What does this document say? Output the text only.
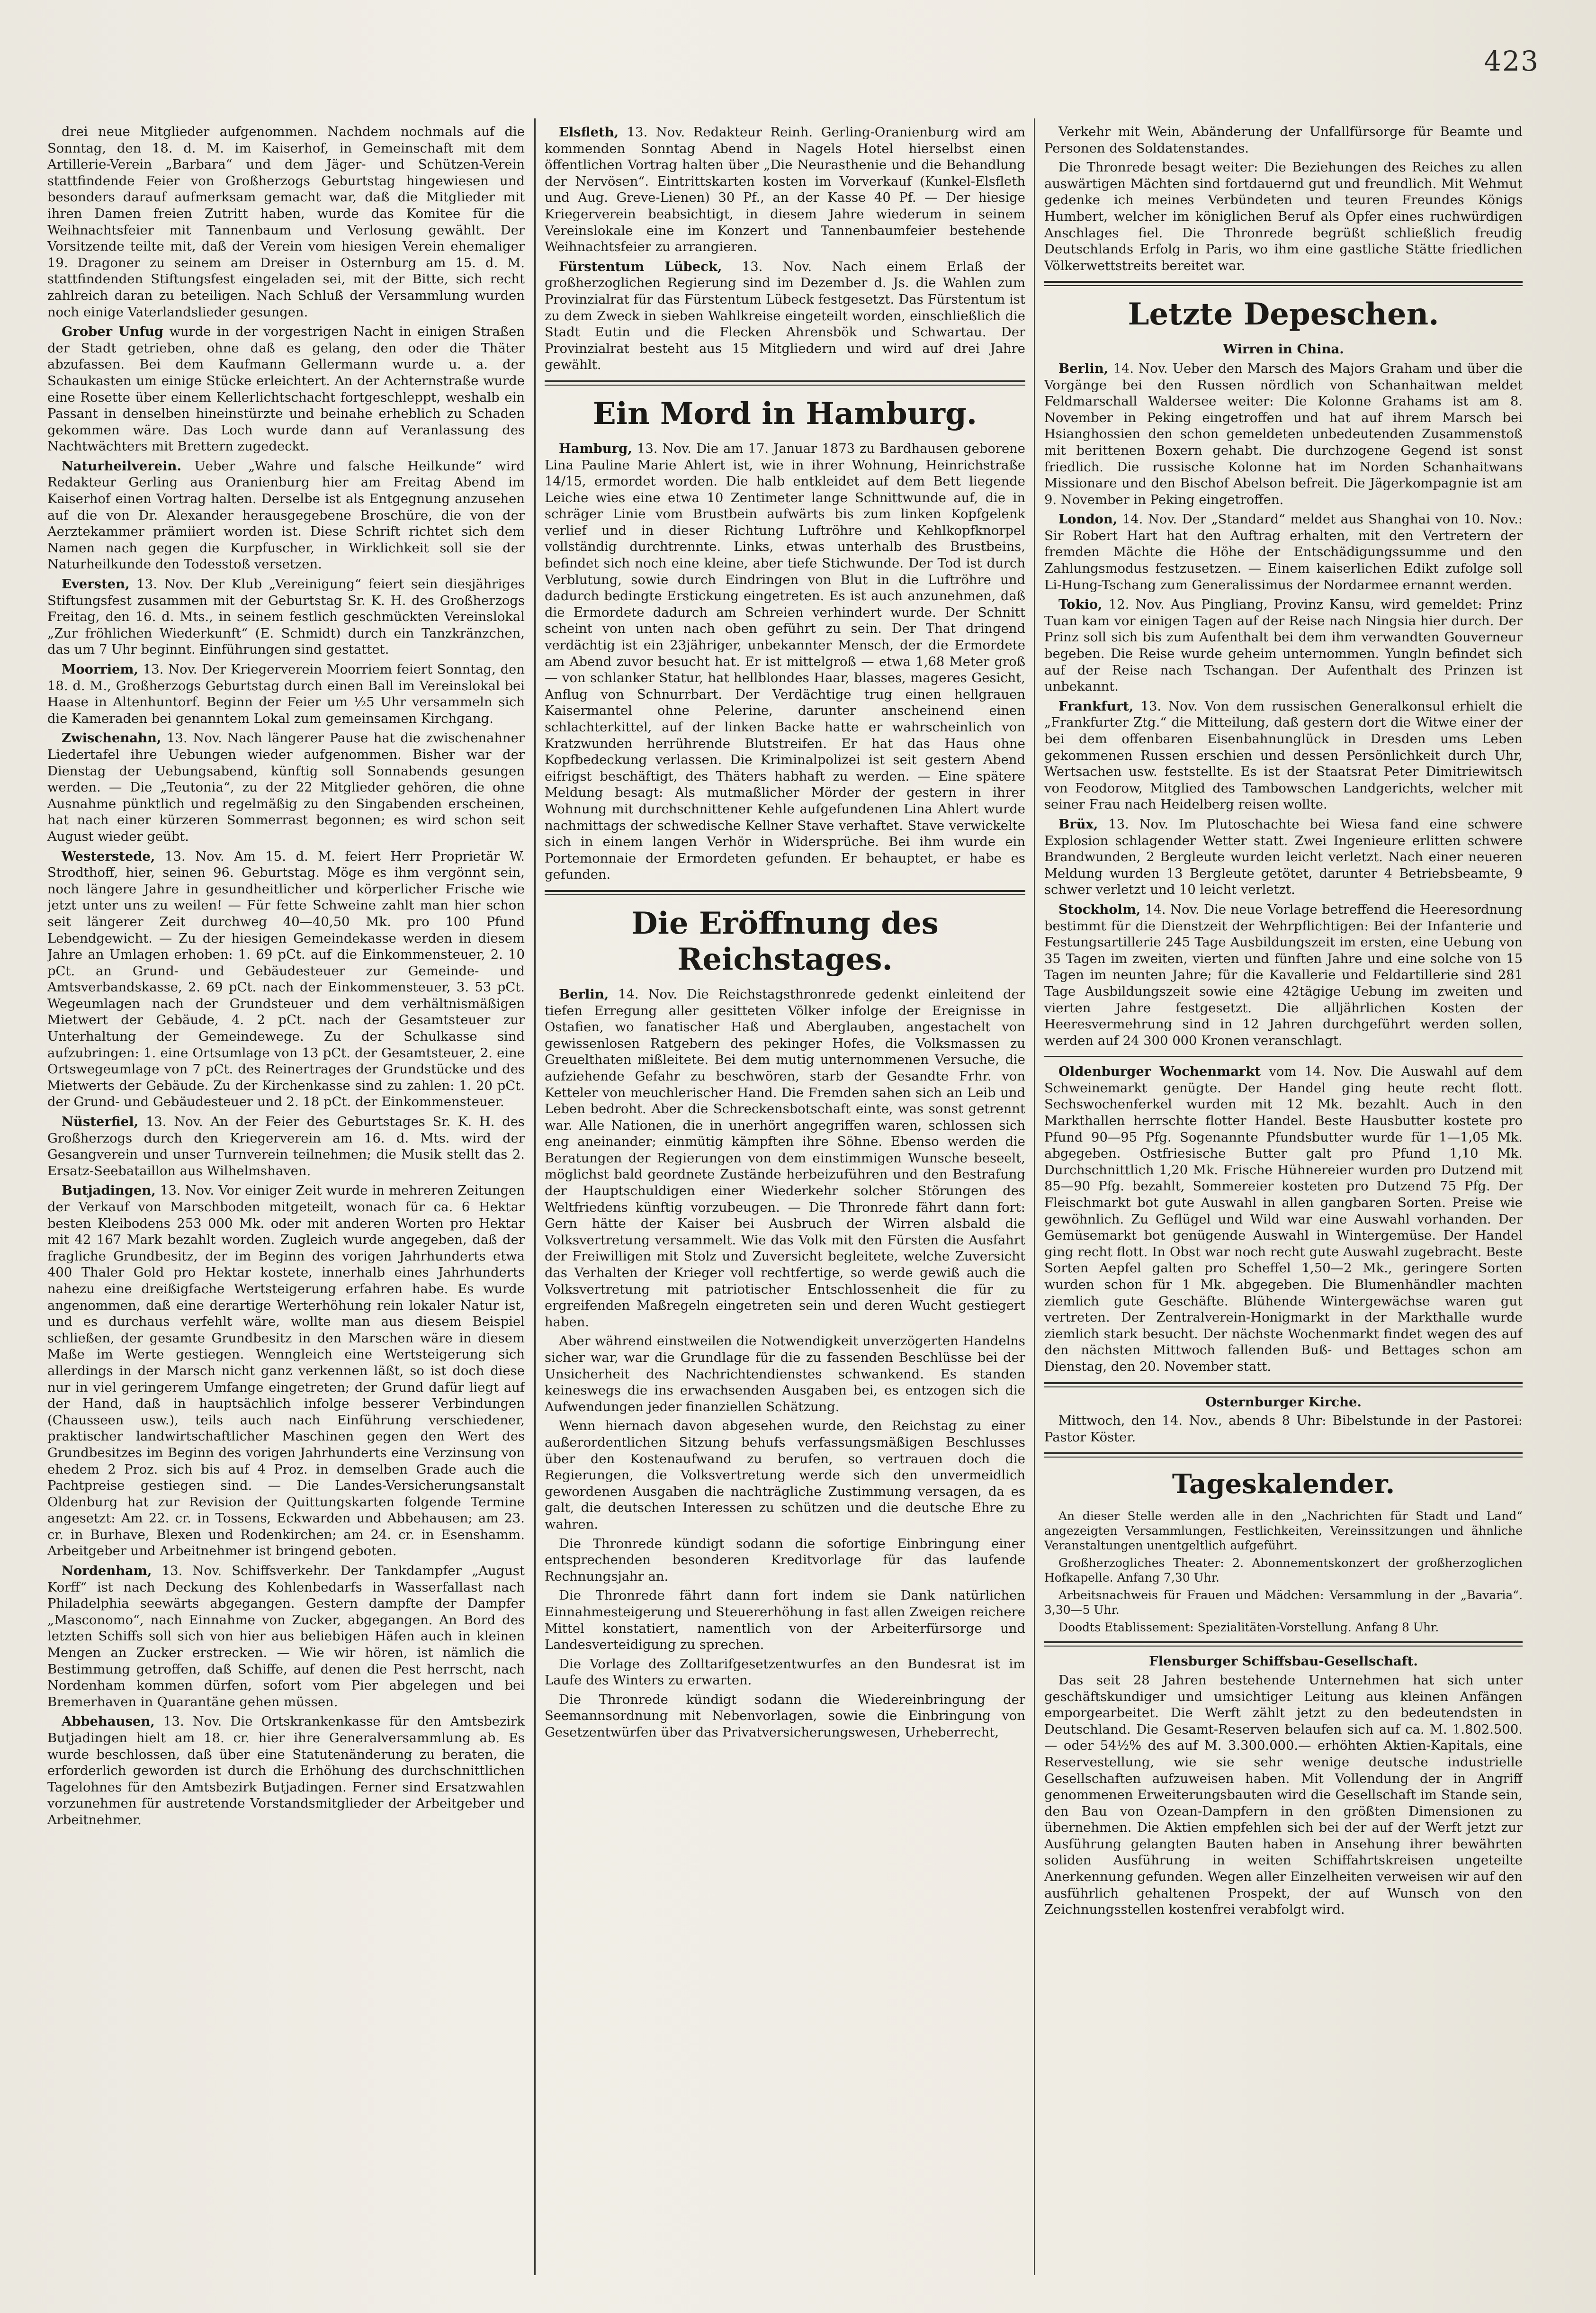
423

drei neue Mitglieder aufgenommen. Nachdem nochmals auf die Sonntag, den 18. d. M. im Kaiserhof, in Gemeinschaft mit dem Artillerie-Verein „Barbara“ und dem Jäger- und Schützen-Verein stattfindende Feier von Großherzogs Geburtstag hingewiesen und besonders darauf aufmerksam gemacht war, daß die Mitglieder mit ihren Damen freien Zutritt haben, wurde das Komitee für die Weihnachtsfeier mit Tannenbaum und Verlosung gewählt. Der Vorsitzende teilte mit, daß der Verein vom hiesigen Verein ehemaliger 19. Dragoner zu seinem am Dreiser in Osternburg am 15. d. M. stattfindenden Stiftungsfest eingeladen sei, mit der Bitte, sich recht zahlreich daran zu beteiligen. Nach Schluß der Versammlung wurden noch einige Vaterlandslieder gesungen.

Grober Unfug wurde in der vorgestrigen Nacht in einigen Straßen der Stadt getrieben, ohne daß es gelang, den oder die Thäter abzufassen. Bei dem Kaufmann Gellermann wurde u. a. der Schaukasten um einige Stücke erleichtert. An der Achternstraße wurde eine Rosette über einem Kellerlichtschacht fortgeschleppt, weshalb ein Passant in denselben hineinstürzte und beinahe erheblich zu Schaden gekommen wäre. Das Loch wurde dann auf Veranlassung des Nachtwächters mit Brettern zugedeckt.

Naturheilverein. Ueber „Wahre und falsche Heilkunde“ wird Redakteur Gerling aus Oranienburg hier am Freitag Abend im Kaiserhof einen Vortrag halten. Derselbe ist als Entgegnung anzusehen auf die von Dr. Alexander herausgegebene Broschüre, die von der Aerztekammer prämiiert worden ist. Diese Schrift richtet sich dem Namen nach gegen die Kurpfuscher, in Wirklichkeit soll sie der Naturheilkunde den Todesstoß versetzen.

Eversten, 13. Nov. Der Klub „Vereinigung“ feiert sein diesjähriges Stiftungsfest zusammen mit der Geburtstag Sr. K. H. des Großherzogs Freitag, den 16. d. Mts., in seinem festlich geschmückten Vereinslokal „Zur fröhlichen Wiederkunft“ (E. Schmidt) durch ein Tanzkränzchen, das um 7 Uhr beginnt. Einführungen sind gestattet.

Moorriem, 13. Nov. Der Kriegerverein Moorriem feiert Sonntag, den 18. d. M., Großherzogs Geburtstag durch einen Ball im Vereinslokal bei Haase in Altenhuntorf. Beginn der Feier um ½5 Uhr versammeln sich die Kameraden bei genanntem Lokal zum gemeinsamen Kirchgang.

Zwischenahn, 13. Nov. Nach längerer Pause hat die zwischenahner Liedertafel ihre Uebungen wieder aufgenommen. Bisher war der Dienstag der Uebungsabend, künftig soll Sonnabends gesungen werden. — Die „Teutonia“, zu der 22 Mitglieder gehören, die ohne Ausnahme pünktlich und regelmäßig zu den Singabenden erscheinen, hat nach einer kürzeren Sommerrast begonnen; es wird schon seit August wieder geübt.

Westerstede, 13. Nov. Am 15. d. M. feiert Herr Proprietär W. Strodthoff, hier, seinen 96. Geburtstag. Möge es ihm vergönnt sein, noch längere Jahre in gesundheitlicher und körperlicher Frische wie jetzt unter uns zu weilen! — Für fette Schweine zahlt man hier schon seit längerer Zeit durchweg 40—40,50 Mk. pro 100 Pfund Lebendgewicht. — Zu der hiesigen Gemeindekasse werden in diesem Jahre an Umlagen erhoben: 1. 69 pCt. auf die Einkommensteuer, 2. 10 pCt. an Grund- und Gebäudesteuer zur Gemeinde- und Amtsverbandskasse, 2. 69 pCt. nach der Einkommensteuer, 3. 53 pCt. Wegeumlagen nach der Grundsteuer und dem verhältnismäßigen Mietwert der Gebäude, 4. 2 pCt. nach der Gesamtsteuer zur Unterhaltung der Gemeindewege. Zu der Schulkasse sind aufzubringen: 1. eine Ortsumlage von 13 pCt. der Gesamtsteuer, 2. eine Ortswegeumlage von 7 pCt. des Reinertrages der Grundstücke und des Mietwerts der Gebäude. Zu der Kirchenkasse sind zu zahlen: 1. 20 pCt. der Grund- und Gebäudesteuer und 2. 18 pCt. der Einkommensteuer.

Nüsterfiel, 13. Nov. An der Feier des Geburtstages Sr. K. H. des Großherzogs durch den Kriegerverein am 16. d. Mts. wird der Gesangverein und unser Turnverein teilnehmen; die Musik stellt das 2. Ersatz-Seebataillon aus Wilhelmshaven.

Butjadingen, 13. Nov. Vor einiger Zeit wurde in mehreren Zeitungen der Verkauf von Marschboden mitgeteilt, wonach für ca. 6 Hektar besten Kleibodens 253 000 Mk. oder mit anderen Worten pro Hektar mit 42 167 Mark bezahlt worden. Zugleich wurde angegeben, daß der fragliche Grundbesitz, der im Beginn des vorigen Jahrhunderts etwa 400 Thaler Gold pro Hektar kostete, innerhalb eines Jahrhunderts nahezu eine dreißigfache Wertsteigerung erfahren habe. Es wurde angenommen, daß eine derartige Werterhöhung rein lokaler Natur ist, und es durchaus verfehlt wäre, wollte man aus diesem Beispiel schließen, der gesamte Grundbesitz in den Marschen wäre in diesem Maße im Werte gestiegen. Wenngleich eine Wertsteigerung sich allerdings in der Marsch nicht ganz verkennen läßt, so ist doch diese nur in viel geringerem Umfange eingetreten; der Grund dafür liegt auf der Hand, daß in hauptsächlich infolge besserer Verbindungen (Chausseen usw.), teils auch nach Einführung verschiedener, praktischer landwirtschaftlicher Maschinen gegen den Wert des Grundbesitzes im Beginn des vorigen Jahrhunderts eine Verzinsung von ehedem 2 Proz. sich bis auf 4 Proz. in demselben Grade auch die Pachtpreise gestiegen sind. — Die Landes-Versicherungsanstalt Oldenburg hat zur Revision der Quittungskarten folgende Termine angesetzt: Am 22. cr. in Tossens, Eckwarden und Abbehausen; am 23. cr. in Burhave, Blexen und Rodenkirchen; am 24. cr. in Esenshamm. Arbeitgeber und Arbeitnehmer ist bringend geboten.

Nordenham, 13. Nov. Schiffsverkehr. Der Tankdampfer „August Korff“ ist nach Deckung des Kohlenbedarfs in Wasserfallast nach Philadelphia seewärts abgegangen. Gestern dampfte der Dampfer „Masconomo“, nach Einnahme von Zucker, abgegangen. An Bord des letzten Schiffs soll sich von hier aus beliebigen Häfen auch in kleinen Mengen an Zucker erstrecken. — Wie wir hören, ist nämlich die Bestimmung getroffen, daß Schiffe, auf denen die Pest herrscht, nach Nordenham kommen dürfen, sofort vom Pier abgelegen und bei Bremerhaven in Quarantäne gehen müssen.

Abbehausen, 13. Nov. Die Ortskrankenkasse für den Amtsbezirk Butjadingen hielt am 18. cr. hier ihre Generalversammlung ab. Es wurde beschlossen, daß über eine Statutenänderung zu beraten, die erforderlich geworden ist durch die Erhöhung des durchschnittlichen Tagelohnes für den Amtsbezirk Butjadingen. Ferner sind Ersatzwahlen vorzunehmen für austretende Vorstandsmitglieder der Arbeitgeber und Arbeitnehmer.

Elsfleth, 13. Nov. Redakteur Reinh. Gerling-Oranienburg wird am kommenden Sonntag Abend in Nagels Hotel hierselbst einen öffentlichen Vortrag halten über „Die Neurasthenie und die Behandlung der Nervösen“. Eintrittskarten kosten im Vorverkauf (Kunkel-Elsfleth und Aug. Greve-Lienen) 30 Pf., an der Kasse 40 Pf. — Der hiesige Kriegerverein beabsichtigt, in diesem Jahre wiederum in seinem Vereinslokale eine im Konzert und Tannenbaumfeier bestehende Weihnachtsfeier zu arrangieren.

Fürstentum Lübeck, 13. Nov. Nach einem Erlaß der großherzoglichen Regierung sind im Dezember d. Js. die Wahlen zum Provinzialrat für das Fürstentum Lübeck festgesetzt. Das Fürstentum ist zu dem Zweck in sieben Wahlkreise eingeteilt worden, einschließlich die Stadt Eutin und die Flecken Ahrensbök und Schwartau. Der Provinzialrat besteht aus 15 Mitgliedern und wird auf drei Jahre gewählt.

Ein Mord in Hamburg.

Hamburg, 13. Nov. Die am 17. Januar 1873 zu Bardhausen geborene Lina Pauline Marie Ahlert ist, wie in ihrer Wohnung, Heinrichstraße 14/15, ermordet worden. Die halb entkleidet auf dem Bett liegende Leiche wies eine etwa 10 Zentimeter lange Schnittwunde auf, die in schräger Linie vom Brustbein aufwärts bis zum linken Kopfgelenk verlief und in dieser Richtung Luftröhre und Kehlkopfknorpel vollständig durchtrennte. Links, etwas unterhalb des Brustbeins, befindet sich noch eine kleine, aber tiefe Stichwunde. Der Tod ist durch Verblutung, sowie durch Eindringen von Blut in die Luftröhre und dadurch bedingte Erstickung eingetreten. Es ist auch anzunehmen, daß die Ermordete dadurch am Schreien verhindert wurde. Der Schnitt scheint von unten nach oben geführt zu sein. Der That dringend verdächtig ist ein 23jähriger, unbekannter Mensch, der die Ermordete am Abend zuvor besucht hat. Er ist mittelgroß — etwa 1,68 Meter groß — von schlanker Statur, hat hellblondes Haar, blasses, mageres Gesicht, Anflug von Schnurrbart. Der Verdächtige trug einen hellgrauen Kaisermantel ohne Pelerine, darunter anscheinend einen schlachterkittel, auf der linken Backe hatte er wahrscheinlich von Kratzwunden herrührende Blutstreifen. Er hat das Haus ohne Kopfbedeckung verlassen. Die Kriminalpolizei ist seit gestern Abend eifrigst beschäftigt, des Thäters habhaft zu werden. — Eine spätere Meldung besagt: Als mutmaßlicher Mörder der gestern in ihrer Wohnung mit durchschnittener Kehle aufgefundenen Lina Ahlert wurde nachmittags der schwedische Kellner Stave verhaftet. Stave verwickelte sich in einem langen Verhör in Widersprüche. Bei ihm wurde ein Portemonnaie der Ermordeten gefunden. Er behauptet, er habe es gefunden.

Die Eröffnung des Reichstages.

Berlin, 14. Nov. Die Reichstagsthronrede gedenkt einleitend der tiefen Erregung aller gesitteten Völker infolge der Ereignisse in Ostafien, wo fanatischer Haß und Aberglauben, angestachelt von gewissenlosen Ratgebern des pekinger Hofes, die Volksmassen zu Greuelthaten mißleitete. Bei dem mutig unternommenen Versuche, die aufziehende Gefahr zu beschwören, starb der Gesandte Frhr. von Ketteler von meuchlerischer Hand. Die Fremden sahen sich an Leib und Leben bedroht. Aber die Schreckensbotschaft einte, was sonst getrennt war. Alle Nationen, die in unerhört angegriffen waren, schlossen sich eng aneinander; einmütig kämpften ihre Söhne. Ebenso werden die Beratungen der Regierungen von dem einstimmigen Wunsche beseelt, möglichst bald geordnete Zustände herbeizuführen und den Bestrafung der Hauptschuldigen einer Wiederkehr solcher Störungen des Weltfriedens künftig vorzubeugen. — Die Thronrede fährt dann fort: Gern hätte der Kaiser bei Ausbruch der Wirren alsbald die Volksvertretung versammelt. Wie das Volk mit den Fürsten die Ausfahrt der Freiwilligen mit Stolz und Zuversicht begleitete, welche Zuversicht das Verhalten der Krieger voll rechtfertige, so werde gewiß auch die Volksvertretung mit patriotischer Entschlossenheit die für zu ergreifenden Maßregeln eingetreten sein und deren Wucht gestiegert haben.

Aber während einstweilen die Notwendigkeit unverzögerten Handelns sicher war, war die Grundlage für die zu fassenden Beschlüsse bei der Unsicherheit des Nachrichtendienstes schwankend. Es standen keineswegs die ins erwachsenden Ausgaben bei, es entzogen sich die Aufwendungen jeder finanziellen Schätzung.

Wenn hiernach davon abgesehen wurde, den Reichstag zu einer außerordentlichen Sitzung behufs verfassungsmäßigen Beschlusses über den Kostenaufwand zu berufen, so vertrauen doch die Regierungen, die Volksvertretung werde sich den unvermeidlich gewordenen Ausgaben die nachträgliche Zustimmung versagen, da es galt, die deutschen Interessen zu schützen und die deutsche Ehre zu wahren.

Die Thronrede kündigt sodann die sofortige Einbringung einer entsprechenden besonderen Kreditvorlage für das laufende Rechnungsjahr an.

Die Thronrede fährt dann fort indem sie Dank natürlichen Einnahmesteigerung und Steuererhöhung in fast allen Zweigen reichere Mittel konstatiert, namentlich von der Arbeiterfürsorge und Landesverteidigung zu sprechen.

Die Vorlage des Zolltarifgesetzentwurfes an den Bundesrat ist im Laufe des Winters zu erwarten.

Die Thronrede kündigt sodann die Wiedereinbringung der Seemannsordnung mit Nebenvorlagen, sowie die Einbringung von Gesetzentwürfen über das Privatversicherungswesen, Urheberrecht,

Verkehr mit Wein, Abänderung der Unfallfürsorge für Beamte und Personen des Soldatenstandes.

Die Thronrede besagt weiter: Die Beziehungen des Reiches zu allen auswärtigen Mächten sind fortdauernd gut und freundlich. Mit Wehmut gedenke ich meines Verbündeten und teuren Freundes Königs Humbert, welcher im königlichen Beruf als Opfer eines ruchwürdigen Anschlages fiel. Die Thronrede begrüßt schließlich freudig Deutschlands Erfolg in Paris, wo ihm eine gastliche Stätte friedlichen Völkerwettstreits bereitet war.

Letzte Depeschen.
Wirren in China.

Berlin, 14. Nov. Ueber den Marsch des Majors Graham und über die Vorgänge bei den Russen nördlich von Schanhaitwan meldet Feldmarschall Waldersee weiter: Die Kolonne Grahams ist am 8. November in Peking eingetroffen und hat auf ihrem Marsch bei Hsianghossien den schon gemeldeten unbedeutenden Zusammenstoß mit berittenen Boxern gehabt. Die durchzogene Gegend ist sonst friedlich. Die russische Kolonne hat im Norden Schanhaitwans Missionare und den Bischof Abelson befreit. Die Jägerkompagnie ist am 9. November in Peking eingetroffen.

London, 14. Nov. Der „Standard“ meldet aus Shanghai von 10. Nov.: Sir Robert Hart hat den Auftrag erhalten, mit den Vertretern der fremden Mächte die Höhe der Entschädigungssumme und den Zahlungsmodus festzusetzen. — Einem kaiserlichen Edikt zufolge soll Li-Hung-Tschang zum Generalissimus der Nordarmee ernannt werden.

Tokio, 12. Nov. Aus Pingliang, Provinz Kansu, wird gemeldet: Prinz Tuan kam vor einigen Tagen auf der Reise nach Ningsia hier durch. Der Prinz soll sich bis zum Aufenthalt bei dem ihm verwandten Gouverneur begeben. Die Reise wurde geheim unternommen. Yungln befindet sich auf der Reise nach Tschangan. Der Aufenthalt des Prinzen ist unbekannt.

Frankfurt, 13. Nov. Von dem russischen Generalkonsul erhielt die „Frankfurter Ztg.“ die Mitteilung, daß gestern dort die Witwe einer der bei dem offenbaren Eisenbahnunglück in Dresden ums Leben gekommenen Russen erschien und dessen Persönlichkeit durch Uhr, Wertsachen usw. feststellte. Es ist der Staatsrat Peter Dimitriewitsch von Feodorow, Mitglied des Tambowschen Landgerichts, welcher mit seiner Frau nach Heidelberg reisen wollte.

Brüx, 13. Nov. Im Plutoschachte bei Wiesa fand eine schwere Explosion schlagender Wetter statt. Zwei Ingenieure erlitten schwere Brandwunden, 2 Bergleute wurden leicht verletzt. Nach einer neueren Meldung wurden 13 Bergleute getötet, darunter 4 Betriebsbeamte, 9 schwer verletzt und 10 leicht verletzt.

Stockholm, 14. Nov. Die neue Vorlage betreffend die Heeresordnung bestimmt für die Dienstzeit der Wehrpflichtigen: Bei der Infanterie und Festungsartillerie 245 Tage Ausbildungszeit im ersten, eine Uebung von 35 Tagen im zweiten, vierten und fünften Jahre und eine solche von 15 Tagen im neunten Jahre; für die Kavallerie und Feldartillerie sind 281 Tage Ausbildungszeit sowie eine 42tägige Uebung im zweiten und vierten Jahre festgesetzt. Die alljährlichen Kosten der Heeresvermehrung sind in 12 Jahren durchgeführt werden sollen, werden auf 24 300 000 Kronen veranschlagt.

Oldenburger Wochenmarkt vom 14. Nov. Die Auswahl auf dem Schweinemarkt genügte. Der Handel ging heute recht flott. Sechswochenferkel wurden mit 12 Mk. bezahlt. Auch in den Markthallen herrschte flotter Handel. Beste Hausbutter kostete pro Pfund 90—95 Pfg. Sogenannte Pfundsbutter wurde für 1—1,05 Mk. abgegeben. Ostfriesische Butter galt pro Pfund 1,10 Mk. Durchschnittlich 1,20 Mk. Frische Hühnereier wurden pro Dutzend mit 85—90 Pfg. bezahlt, Sommereier kosteten pro Dutzend 75 Pfg. Der Fleischmarkt bot gute Auswahl in allen gangbaren Sorten. Preise wie gewöhnlich. Zu Geflügel und Wild war eine Auswahl vorhanden. Der Gemüsemarkt bot genügende Auswahl in Wintergemüse. Der Handel ging recht flott. In Obst war noch recht gute Auswahl zugebracht. Beste Sorten Aepfel galten pro Scheffel 1,50—2 Mk., geringere Sorten wurden schon für 1 Mk. abgegeben. Die Blumenhändler machten ziemlich gute Geschäfte. Blühende Wintergewächse waren gut vertreten. Der Zentralverein-Honigmarkt in der Markthalle wurde ziemlich stark besucht. Der nächste Wochenmarkt findet wegen des auf den nächsten Mittwoch fallenden Buß- und Bettages schon am Dienstag, den 20. November statt.

Osternburger Kirche.

Mittwoch, den 14. Nov., abends 8 Uhr: Bibelstunde in der Pastorei: Pastor Köster.

Tageskalender.

An dieser Stelle werden alle in den „Nachrichten für Stadt und Land“ angezeigten Versammlungen, Festlichkeiten, Vereinssitzungen und ähnliche Veranstaltungen unentgeltlich aufgeführt.

Großherzogliches Theater: 2. Abonnementskonzert der großherzoglichen Hofkapelle. Anfang 7,30 Uhr.

Arbeitsnachweis für Frauen und Mädchen: Versammlung in der „Bavaria“. 3,30—5 Uhr.

Doodts Etablissement: Spezialitäten-Vorstellung. Anfang 8 Uhr.

Flensburger Schiffsbau-Gesellschaft.

Das seit 28 Jahren bestehende Unternehmen hat sich unter geschäftskundiger und umsichtiger Leitung aus kleinen Anfängen emporgearbeitet. Die Werft zählt jetzt zu den bedeutendsten in Deutschland. Die Gesamt-Reserven belaufen sich auf ca. M. 1.802.500.— oder 54½% des auf M. 3.300.000.— erhöhten Aktien-Kapitals, eine Reservestellung, wie sie sehr wenige deutsche industrielle Gesellschaften aufzuweisen haben. Mit Vollendung der in Angriff genommenen Erweiterungsbauten wird die Gesellschaft im Stande sein, den Bau von Ozean-Dampfern in den größten Dimensionen zu übernehmen. Die Aktien empfehlen sich bei der auf der Werft jetzt zur Ausführung gelangten Bauten haben in Ansehung ihrer bewährten soliden Ausführung in weiten Schiffahrtskreisen ungeteilte Anerkennung gefunden. Wegen aller Einzelheiten verweisen wir auf den ausführlich gehaltenen Prospekt, der auf Wunsch von den Zeichnungsstellen kostenfrei verabfolgt wird.
